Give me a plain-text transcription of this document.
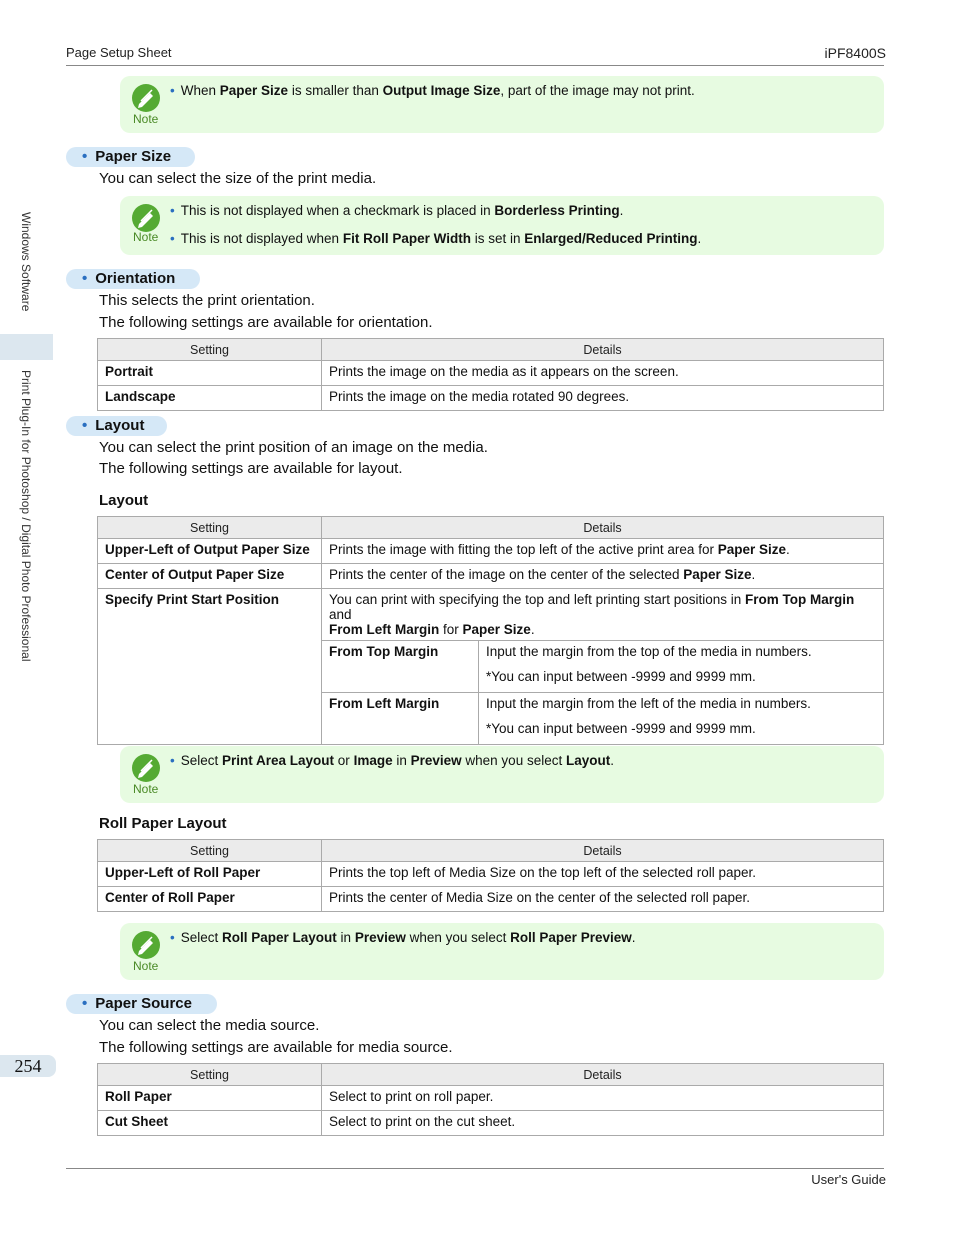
Page Setup Sheet	iPF8400S
Windows Software
Print Plug-In for Photoshop / Digital Photo Professional
254
Note
• When Paper Size is smaller than Output Image Size, part of the image may not print.
• Paper Size
You can select the size of the print media.
Note
• This is not displayed when a checkmark is placed in Borderless Printing.
• This is not displayed when Fit Roll Paper Width is set in Enlarged/Reduced Printing.
• Orientation
This selects the print orientation.
The following settings are available for orientation.
Setting	Details
Portrait	Prints the image on the media as it appears on the screen.
Landscape	Prints the image on the media rotated 90 degrees.
• Layout
You can select the print position of an image on the media.
The following settings are available for layout.
Layout
Setting	Details	
Upper-Left of Output Paper Size	Prints the image with fitting the top left of the active print area for Paper Size.	
Center of Output Paper Size	Prints the center of the image on the center of the selected Paper Size.	
Specify Print Start Position	You can print with specifying the top and left printing start positions in From Top Margin and
From Left Margin for Paper Size.	
	From Top Margin	Input the margin from the top of the media in numbers.
*You can input between -9999 and 9999 mm.

	From Left Margin	Input the margin from the left of the media in numbers.
*You can input between -9999 and 9999 mm.
Note
• Select Print Area Layout or Image in Preview when you select Layout.
Roll Paper Layout
Setting	Details
Upper-Left of Roll Paper	Prints the top left of Media Size on the top left of the selected roll paper.
Center of Roll Paper	Prints the center of Media Size on the center of the selected roll paper.
Note
• Select Roll Paper Layout in Preview when you select Roll Paper Preview.
• Paper Source
You can select the media source.
The following settings are available for media source.
Setting	Details
Roll Paper	Select to print on roll paper.
Cut Sheet	Select to print on the cut sheet.
User's Guide
